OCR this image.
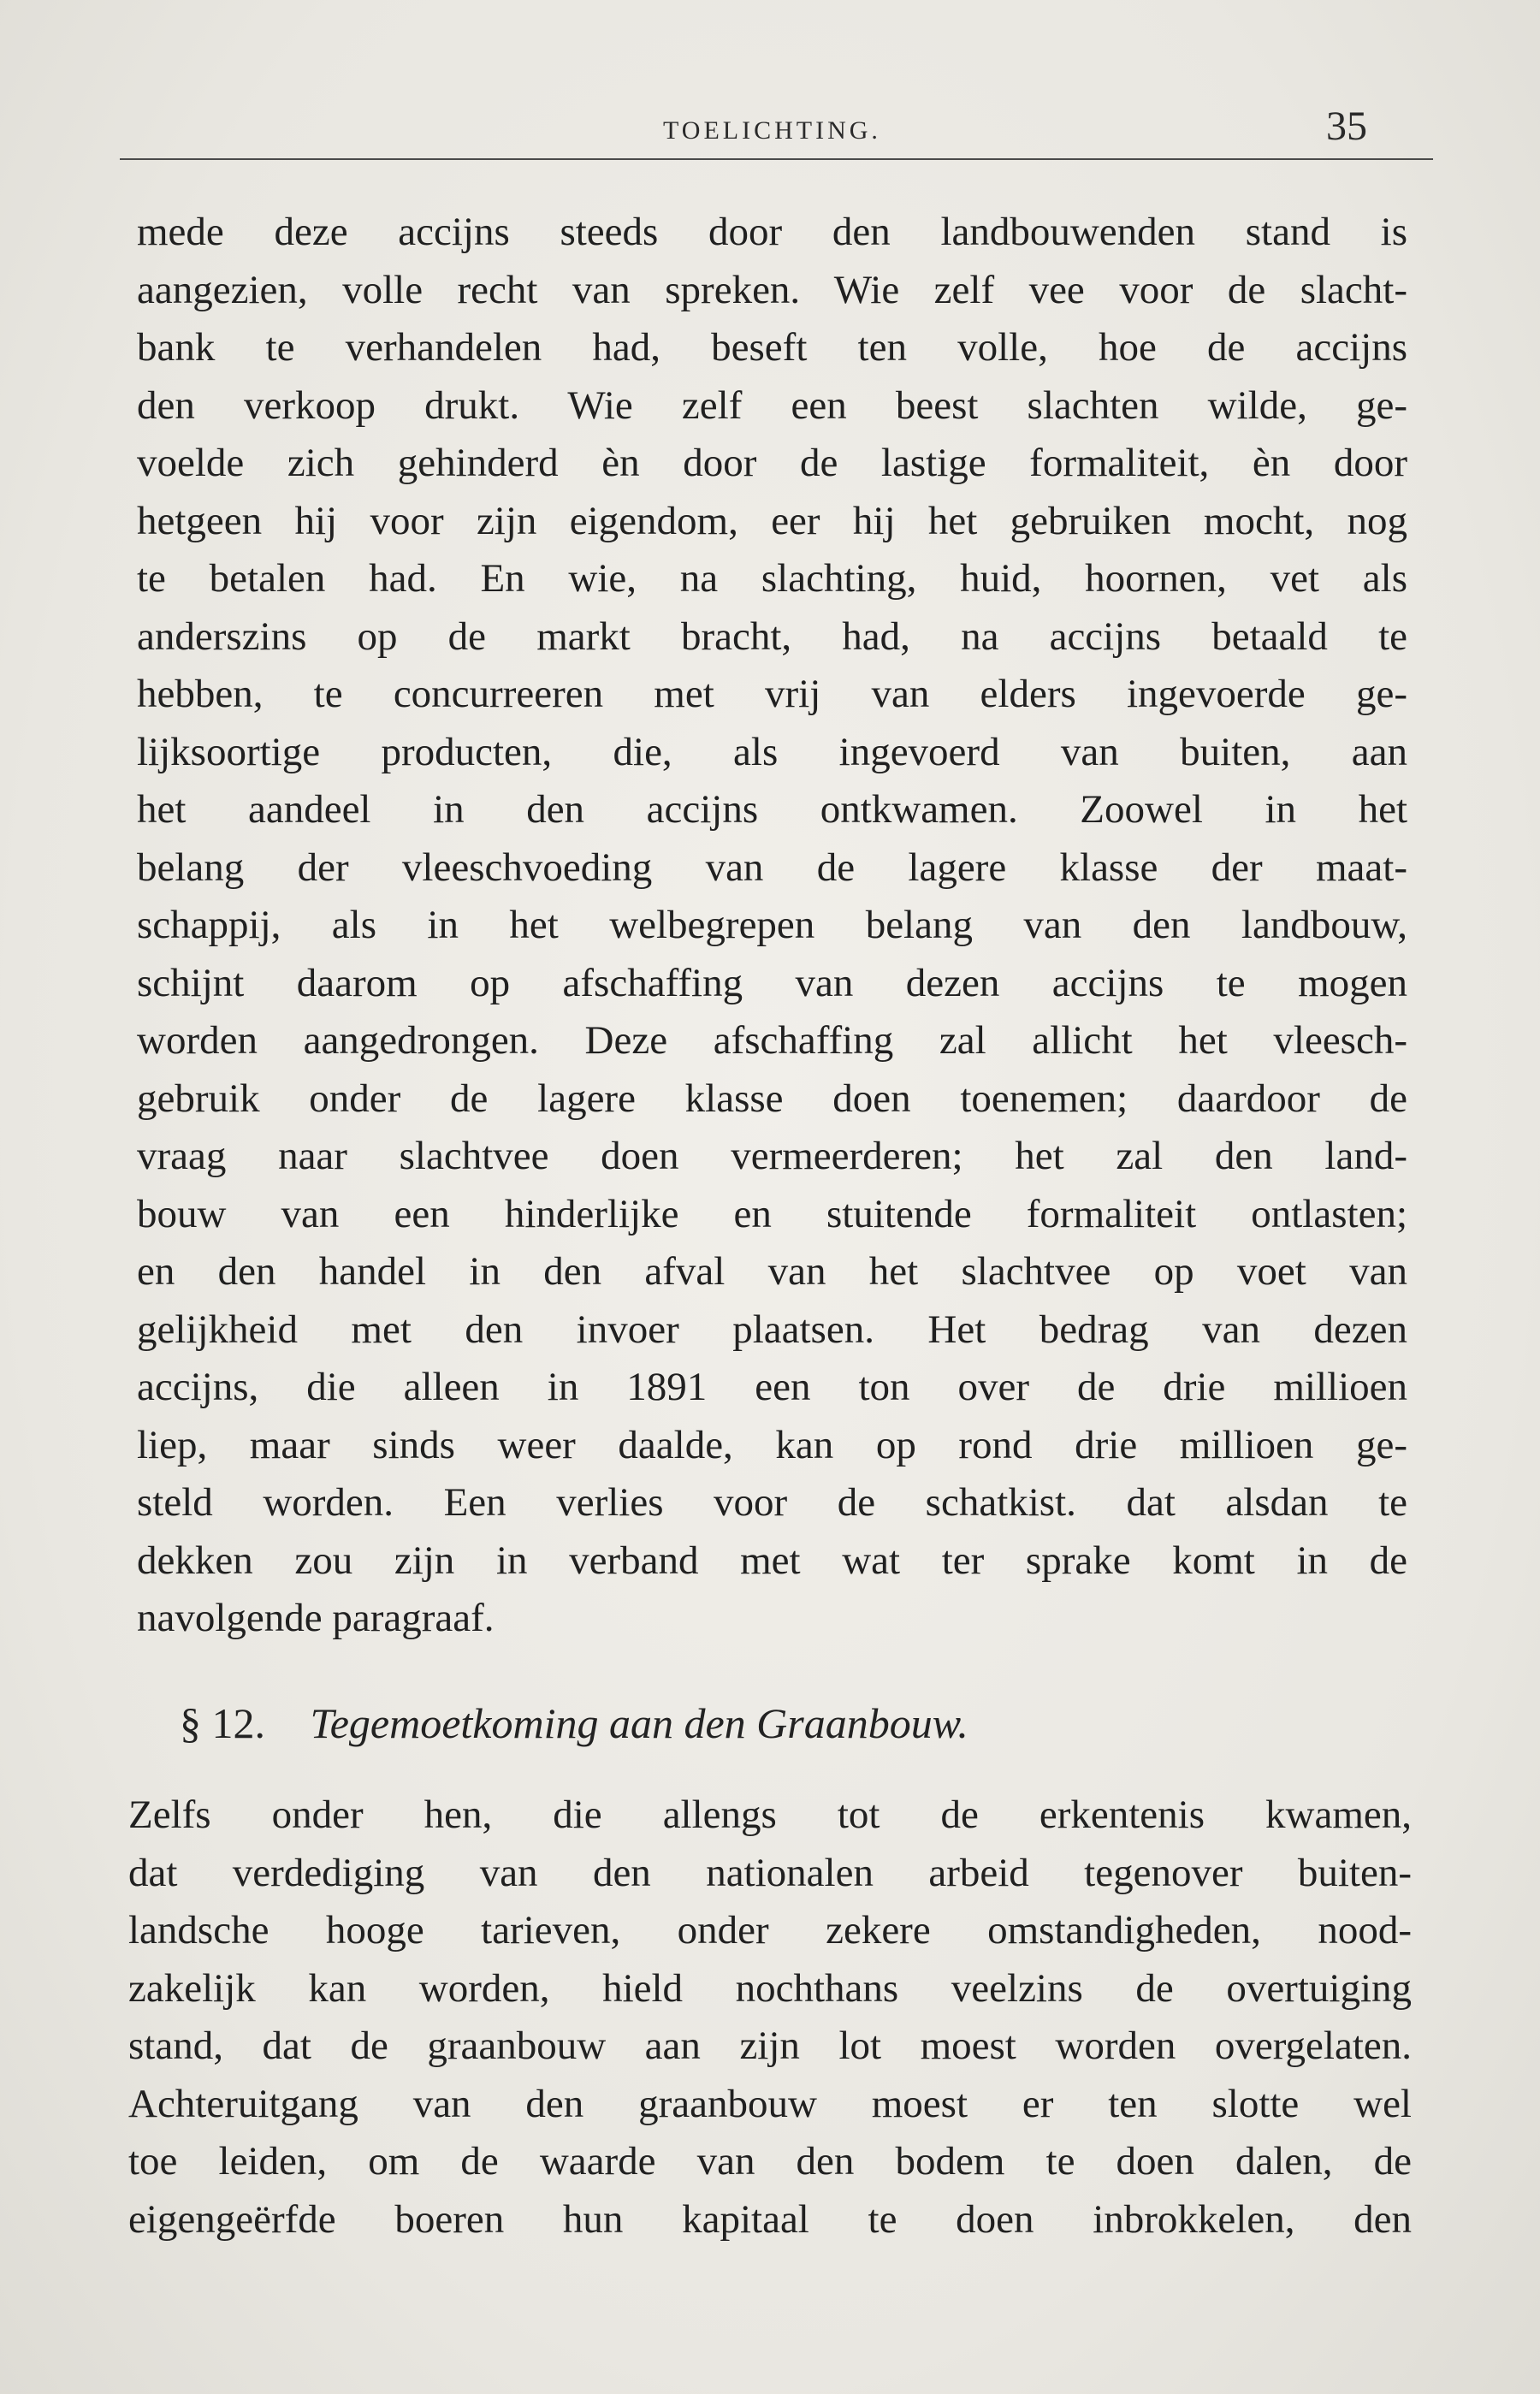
TOELICHTING.	35
mede deze accijns steeds door den landbouwenden stand is
aangezien, volle recht van spreken. Wie zelf vee voor de slacht-
bank te verhandelen had, beseft ten volle, hoe de accijns
den verkoop drukt. Wie zelf een beest slachten wilde, ge-
voelde zich gehinderd èn door de lastige formaliteit, èn door
hetgeen hij voor zijn eigendom, eer hij het gebruiken mocht, nog
te betalen had. En wie, na slachting, huid, hoornen, vet als
anderszins op de markt bracht, had, na accijns betaald te
hebben, te concurreeren met vrij van elders ingevoerde ge-
lijksoortige producten, die, als ingevoerd van buiten, aan
het aandeel in den accijns ontkwamen. Zoowel in het
belang der vleeschvoeding van de lagere klasse der maat-
schappij, als in het welbegrepen belang van den landbouw,
schijnt daarom op afschaffing van dezen accijns te mogen
worden aangedrongen. Deze afschaffing zal allicht het vleesch-
gebruik onder de lagere klasse doen toenemen; daardoor de
vraag naar slachtvee doen vermeerderen; het zal den land-
bouw van een hinderlijke en stuitende formaliteit ontlasten;
en den handel in den afval van het slachtvee op voet van
gelijkheid met den invoer plaatsen. Het bedrag van dezen
accijns, die alleen in 1891 een ton over de drie millioen
liep, maar sinds weer daalde, kan op rond drie millioen ge-
steld worden. Een verlies voor de schatkist. dat alsdan te
dekken zou zijn in verband met wat ter sprake komt in de
navolgende paragraaf.
§ 12. Tegemoetkoming aan den Graanbouw.
Zelfs onder hen, die allengs tot de erkentenis kwamen,
dat verdediging van den nationalen arbeid tegenover buiten-
landsche hooge tarieven, onder zekere omstandigheden, nood-
zakelijk kan worden, hield nochthans veelzins de overtuiging
stand, dat de graanbouw aan zijn lot moest worden overgelaten.
Achteruitgang van den graanbouw moest er ten slotte wel
toe leiden, om de waarde van den bodem te doen dalen, de
eigengeërfde boeren hun kapitaal te doen inbrokkelen, den
